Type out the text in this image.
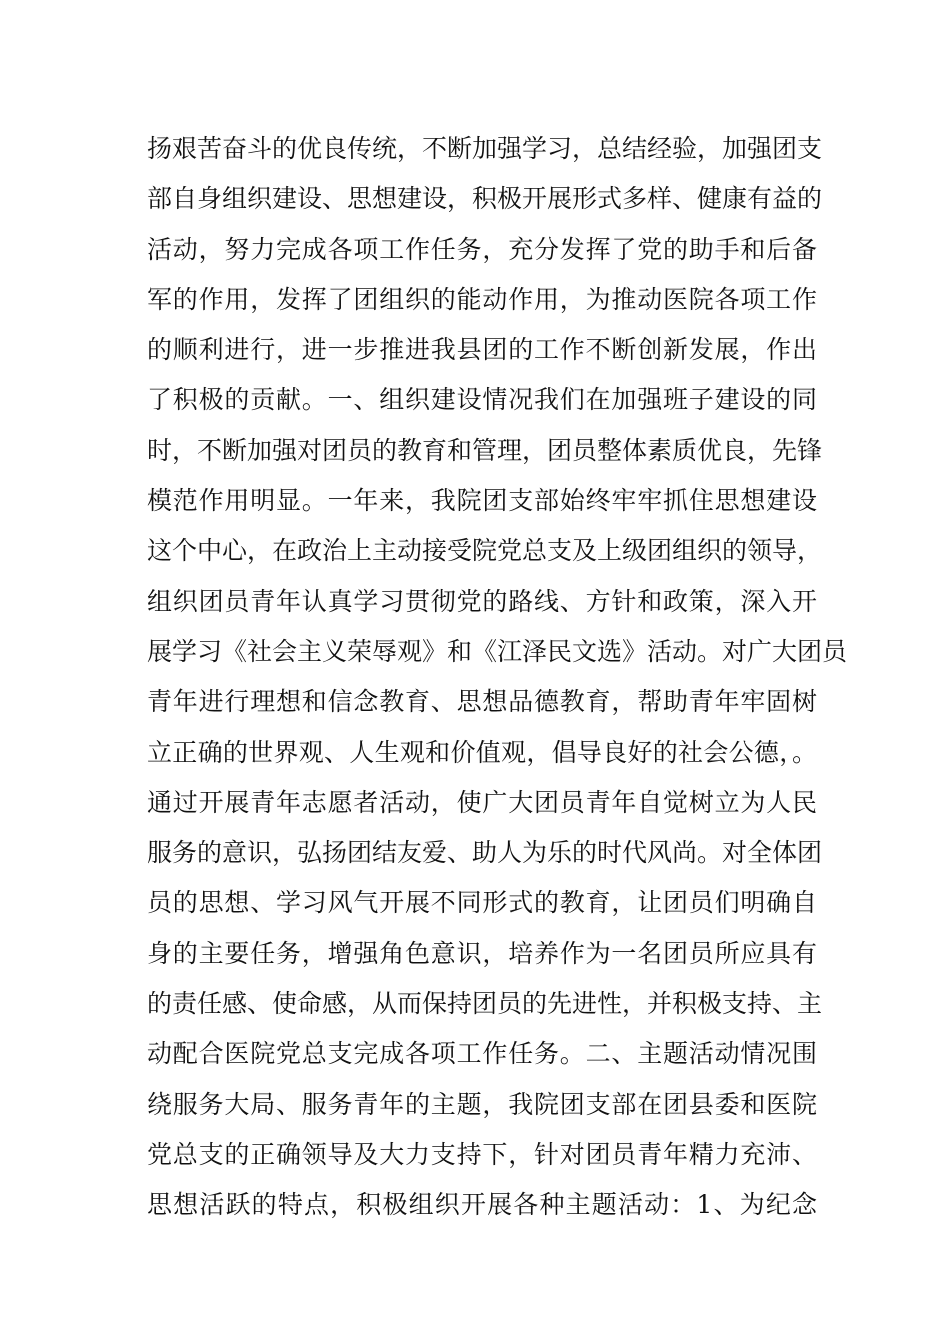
扬艰苦奋斗的优良传统，不断加强学习，总结经验，加强团支
部自身组织建设、思想建设，积极开展形式多样、健康有益的
活动，努力完成各项工作任务，充分发挥了党的助手和后备
军的作用，发挥了团组织的能动作用，为推动医院各项工作
的顺利进行，进一步推进我县团的工作不断创新发展，作出
了积极的贡献。一、组织建设情况我们在加强班子建设的同
时，不断加强对团员的教育和管理，团员整体素质优良，先锋
模范作用明显。一年来，我院团支部始终牢牢抓住思想建设
这个中心，在政治上主动接受院党总支及上级团组织的领导，
组织团员青年认真学习贯彻党的路线、方针和政策，深入开
展学习《社会主义荣辱观》和《江泽民文选》活动。对广大团员
青年进行理想和信念教育、思想品德教育，帮助青年牢固树
立正确的世界观、人生观和价值观，倡导良好的社会公德，。
通过开展青年志愿者活动，使广大团员青年自觉树立为人民
服务的意识，弘扬团结友爱、助人为乐的时代风尚。对全体团
员的思想、学习风气开展不同形式的教育，让团员们明确自
身的主要任务，增强角色意识，培养作为一名团员所应具有
的责任感、使命感，从而保持团员的先进性，并积极支持、主
动配合医院党总支完成各项工作任务。二、主题活动情况围
绕服务大局、服务青年的主题，我院团支部在团县委和医院
党总支的正确领导及大力支持下，针对团员青年精力充沛、
思想活跃的特点，积极组织开展各种主题活动：1、为纪念
